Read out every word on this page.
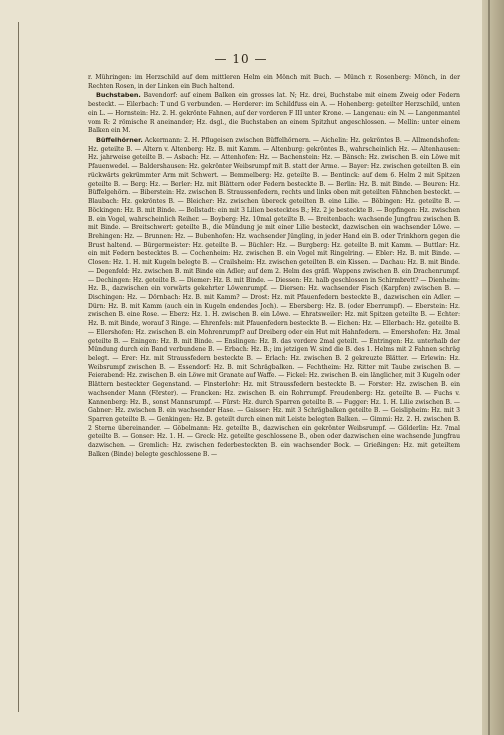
— 10 —

r. Mühringen: im Herzschild auf dem mittleren Helm ein Mönch mit Buch. — Münch r. Rosenberg: Mönch, in der Rechten Rosen, in der Linken ein Buch haltend.

Buchstaben. Bavendorf: auf einem Balken ein grosses lat. N; Hz. drei, Buchstabe mit einem Zweig oder Federn besteckt. — Eilerbach: T und G verbunden. — Herderer: im Schildfuss ein A. — Hohenberg: geteilter Herzschild, unten ein L. — Hornstein: Hz. 2. H. gekrönte Fahnen, auf der vorderen F III unter Krone. — Langenau: ein N. — Langenmantel vom R: 2 römische R aneinander; Hz. dsgl., die Buchstaben an einem Spitzhut angeschlossen. — Mellin: unter einem Balken ein M.

Büffelhörner. Ackermann: 2. H. Pflugeisen zwischen Büffelhörnern. — Aichelin: Hz. gekröntes B. — Allmendshofen: Hz. geteilte B. — Altern v. Altenberg: Hz. B. mit Kamm. — Altenburg: gekröntes B., wahrscheinlich Hz. — Altenhausen: Hz. jahrweise geteilte B. — Asbach: Hz. — Attenhofen: Hz. — Bachenstein: Hz. — Bänsch: Hz. zwischen B. ein Löwe mit Pfauenwedel. — Baldershausen: Hz. gekrönter Weibsrumpf mit B. statt der Arme. — Bayer: Hz. zwischen geteilten B. ein rückwärts gekrümmter Arm mit Schwert. — Bemmelberg: Hz. geteilte B. — Bentinck: auf dem 6. Helm 2 mit Spitzen geteilte B. — Berg: Hz. — Berler: Hz. mit Blättern oder Federn besteckte B. — Berlin: Hz. B. mit Binde. — Beuren: Hz. Büffelgehörn. — Biberstein: Hz. zwischen B. Straussenfedern, rechts und links oben mit geteilten Fähnchen besteckt. — Blaubach: Hz. gekröntes B. — Bleicher: Hz. zwischen übereck geteilten B. eine Lilie. — Böbingen: Hz. geteilte B. — Böckingen: Hz. B. mit Binde. — Bollstadt: ein mit 3 Lilien bestecktes B.; Hz. 2 je besteckte B. — Bopfingen: Hz. zwischen B. ein Vogel, wahrscheinlich Reiher. — Boyberg: Hz. 10mal geteilte B. — Breitenbach: wachsende Jungfrau zwischen B. mit Binde. — Breitschwert: geteilte B., die Mündung je mit einer Lilie besteckt, dazwischen ein wachsender Löwe. — Brehingen: Hz. — Brunnen: Hz. — Bubenhofen: Hz. wachsender Jüngling, in jeder Hand ein B. oder Trinkhorn gegen die Brust haltend. — Bürgermeister: Hz. geteilte B. — Büchler: Hz. — Burgberg: Hz. geteilte B. mit Kamm. — Buttlar: Hz. ein mit Federn bestecktes B. — Cochenheim: Hz. zwischen B. ein Vogel mit Ringelring. — Ebler: Hz. B. mit Binde. — Closen: Hz. 1. H. mit Kugeln belegte B. — Crailsheim: Hz. zwischen geteilten B. ein Kissen. — Dachau: Hz. B. mit Binde. — Degenfeld: Hz. zwischen B. mit Binde ein Adler; auf dem 2. Helm des gräfl. Wappens zwischen B. ein Drachenrumpf. — Dechingen: Hz. geteilte B. — Diemer: Hz. B. mit Binde. — Diessen: Hz. halb geschlossen in Schirmbrett? — Dienheim: Hz. B., dazwischen ein vorwärts gekehrter Löwenrumpf. — Diersen: Hz. wachsender Fisch (Karpfen) zwischen B. — Dischingen: Hz. — Dörnbach: Hz. B. mit Kamm? — Drost: Hz. mit Pfauenfedern besteckte B., dazwischen ein Adler. — Dürn: Hz. B. mit Kamm (auch ein in Kugeln endendes Joch). — Ebersberg: Hz. B. (oder Eberrumpf). — Eberstein: Hz. zwischen B. eine Rose. — Eberz: Hz. 1. H. zwischen B. ein Löwe. — Ehratsweiler: Hz. mit Spitzen geteilte B. — Echter: Hz. B. mit Binde, worauf 3 Ringe. — Ehrenfels: mit Pfauenfedern besteckte B. — Eichen: Hz. — Ellerbach: Hz. geteilte B. — Ellershofen: Hz. zwischen B. ein Mohrenrumpf? auf Dreiberg oder ein Hut mit Hahnfedern. — Emershofen: Hz. 3mal geteilte B. — Eningen: Hz. B. mit Binde. — Enslingen: Hz. B. das vordere 2mal geteilt. — Entringen: Hz. unterhalb der Mündung durch ein Band verbundene B. — Erbach: Hz. B.; im jetzigen W. sind die B. des 1. Helms mit 2 Fahnen schräg belegt. — Erer: Hz. mit Straussfedern besteckte B. — Erlach: Hz. zwischen B. 2 gekreuzte Blätter. — Erlewin: Hz. Weibsrumpf zwischen B. — Essendorf: Hz. B. mit Schrägbalken. — Fechtheim: Hz. Ritter mit Taube zwischen B. — Feierabend: Hz. zwischen B. ein Löwe mit Granate auf Waffe. — Fickel: Hz. zwischen B. ein länglicher, mit 3 Kugeln oder Blättern besteckter Gegenstand. — Finsterlohr: Hz. mit Straussfedern besteckte B. — Forster: Hz. zwischen B. ein wachsender Mann (Förster). — Francken: Hz. zwischen B. ein Rohrrumpf. Freudenberg: Hz. geteilte B. — Fuchs v. Kannenberg: Hz. B., sonst Mannsrumpf. — Fürst: Hz. durch Sparren geteilte B. — Fugger: Hz. 1. H. Lilie zwischen B. — Gabner: Hz. zwischen B. ein wachsender Hase. — Gaisser: Hz. mit 3 Schrägbalken geteilte B. — Geislipheim: Hz. mit 3 Sparren geteilte B. — Genkingen: Hz. B. geteilt durch einen mit Leiste belegten Balken. — Gimmi: Hz. 2. H. zwischen B. 2 Sterne übereinander. — Göbelmann: Hz. geteilte B., dazwischen ein gekrönter Weibsrumpf. — Gölderlin: Hz. 7mal geteilte B. — Gonser: Hz. 1. H. — Greck: Hz. geteilte geschlossene B., oben oder dazwischen eine wachsende Jungfrau dazwischen. — Gremlich: Hz. zwischen federbesteckten B. ein wachsender Bock. — Grießingen: Hz. mit geteiltem Balken (Binde) belegte geschlossene B. —
